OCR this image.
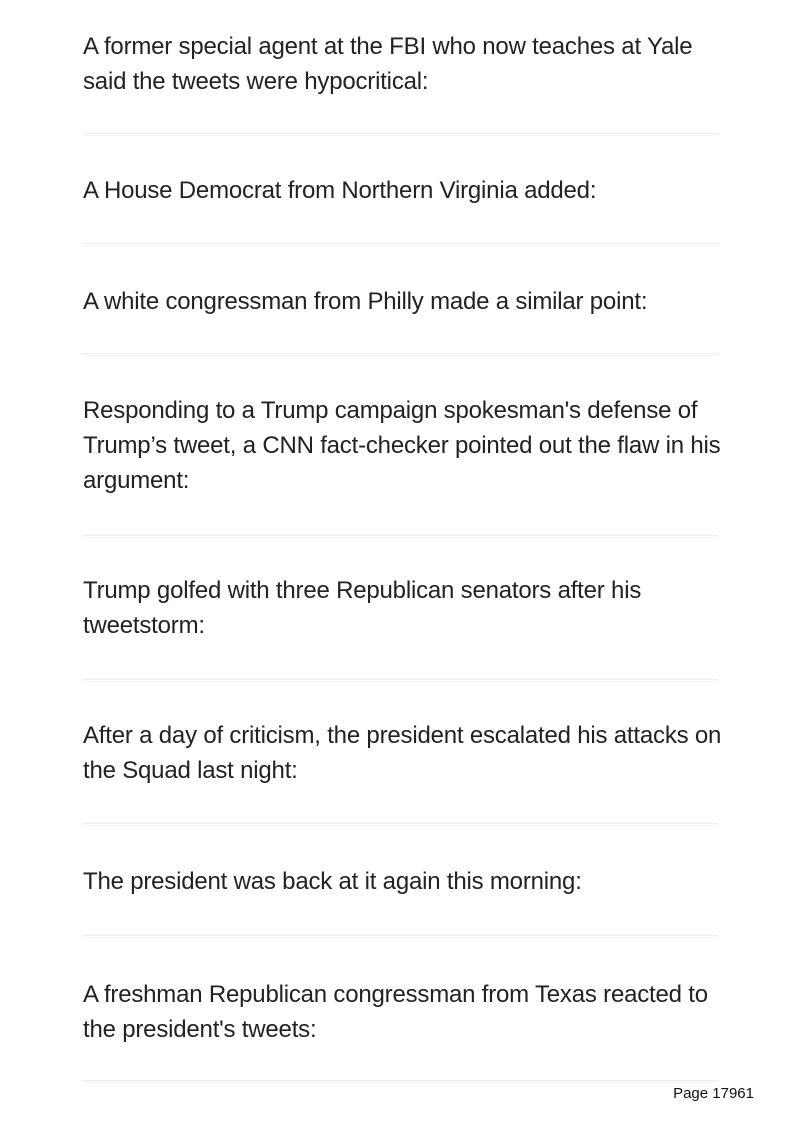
A former special agent at the FBI who now teaches at Yale said the tweets were hypocritical:

A House Democrat from Northern Virginia added:

A white congressman from Philly made a similar point:

Responding to a Trump campaign spokesman's defense of Trump’s tweet, a CNN fact-checker pointed out the flaw in his argument:

Trump golfed with three Republican senators after his tweetstorm:

After a day of criticism, the president escalated his attacks on the Squad last night:

The president was back at it again this morning:

A freshman Republican congressman from Texas reacted to the president's tweets:

Page 17961
